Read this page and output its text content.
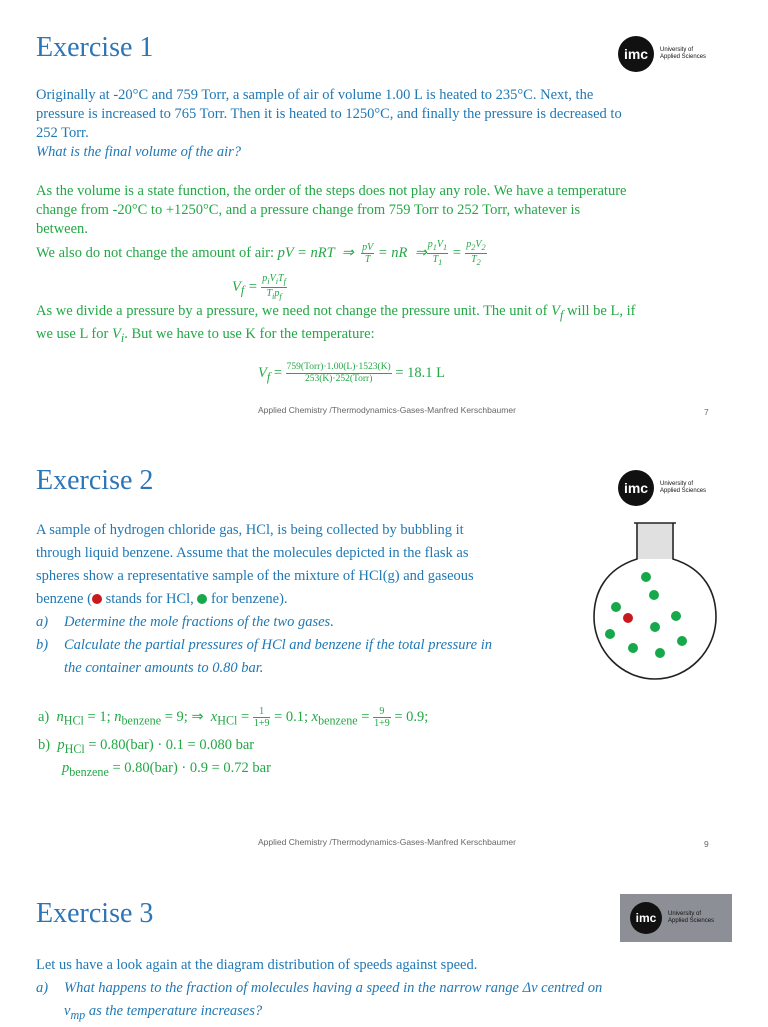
Exercise 1	imc	University of
Applied Sciences
Originally at -20°C and 759 Torr, a sample of air of volume 1.00 L is heated to 235°C. Next, the
pressure is increased to 765 Torr. Then it is heated to 1250°C, and finally the pressure is decreased to
252 Torr.
What is the final volume of the air?
As the volume is a state function, the order of the steps does not play any role. We have a temperature
change from -20°C to +1250°C, and a pressure change from 759 Torr to 252 Torr, whatever is
between.
We also do not change the amount of air: pV = nRT  ⇒ $\frac{pV}{T}$ = nR  ⇒ $\frac{p_1V_1}{T_1} = \frac{p_2V_2}{T_2}$
$V_f = \frac{p_iV_iT_f}{T_ip_f}$
As we divide a pressure by a pressure, we need not change the pressure unit. The unit of $V_f$ will be L, if
we use L for $V_i$. But we have to use K for the temperature:
$V_f = \frac{\text{759(Torr)·1.00(L)·1523(K)}}{\text{253(K)·252(Torr)}} = 18.1$ L
Applied Chemistry /Thermodynamics-Gases-Manfred Kerschbaumer	7
Exercise 2	imc	University of
Applied Sciences
A sample of hydrogen chloride gas, HCl, is being collected by bubbling it
through liquid benzene. Assume that the molecules depicted in the flask as
spheres show a representative sample of the mixture of HCl(g) and gaseous
benzene ( stands for HCl, for benzene).
a) Determine the mole fractions of the two gases.
b) Calculate the partial pressures of HCl and benzene if the total pressure in
the container amounts to 0.80 bar.
a) $n_{HCl} = 1$; $n_{benzene} = 9$; ⇒  $x_{HCl} = \frac{1}{1+9} = 0.1$; $x_{benzene} = \frac{9}{1+9} = 0.9$;
b) $p_{HCl} = 0.80(bar) \cdot 0.1 = 0.080$ bar
$p_{benzene} = 0.80(bar) \cdot 0.9 = 0.72$ bar
Applied Chemistry /Thermodynamics-Gases-Manfred Kerschbaumer	9
Exercise 3	imc	University of
Applied Sciences
Let us have a look again at the diagram distribution of speeds against speed.
a) What happens to the fraction of molecules having a speed in the narrow range Δv centred on
$v_{mp}$ as the temperature increases?
